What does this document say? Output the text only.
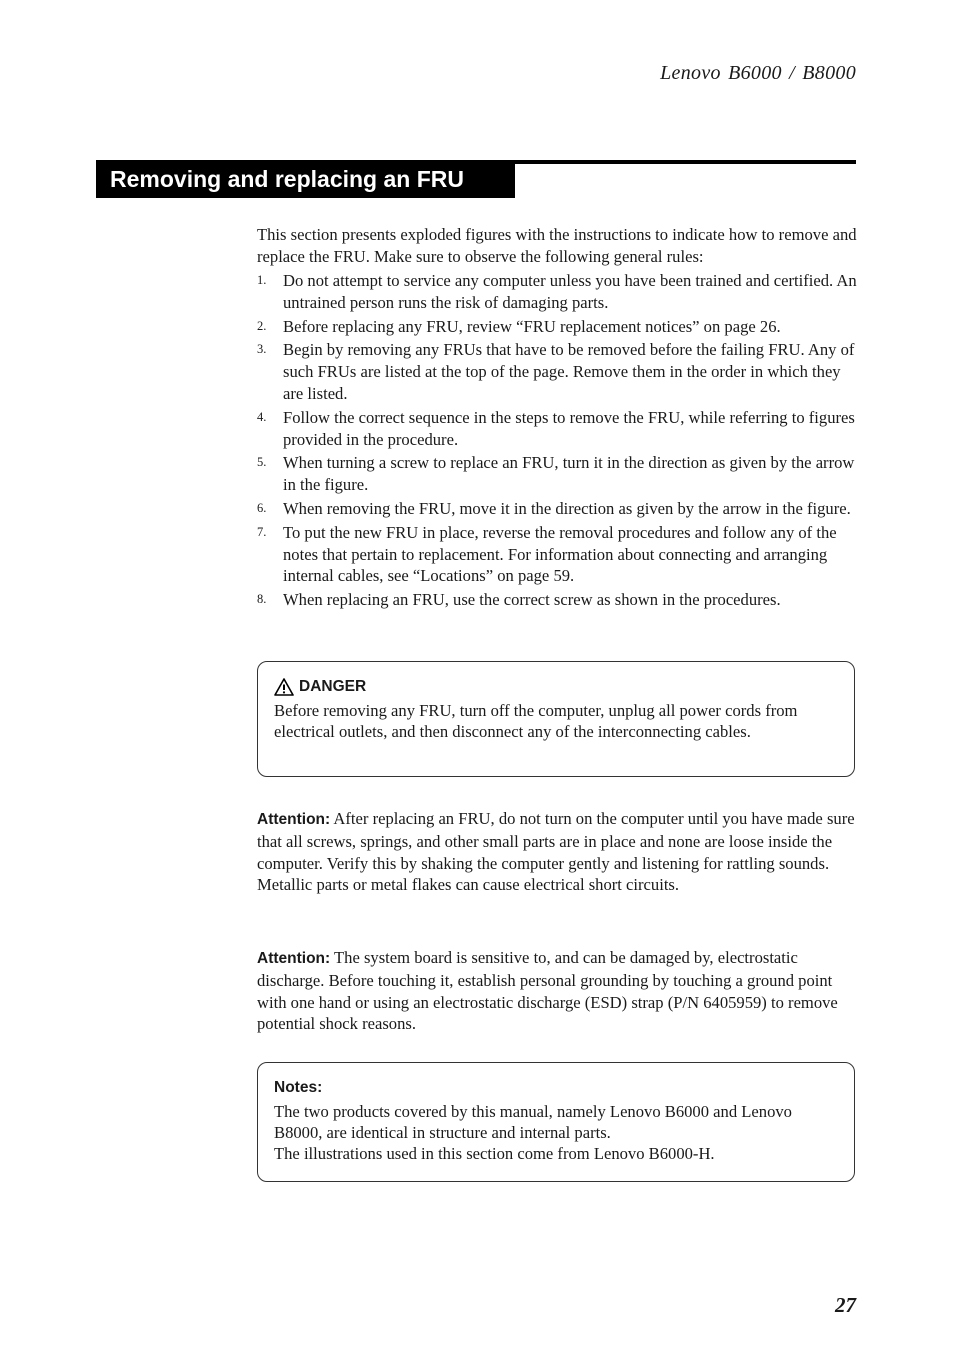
Lenovo B6000 / B8000
Removing and replacing an FRU

This section presents exploded figures with the instructions to indicate how to remove and replace the FRU. Make sure to observe the following general rules:

1. Do not attempt to service any computer unless you have been trained and certified. An untrained person runs the risk of damaging parts.
2. Before replacing any FRU, review “FRU replacement notices” on page 26.
3. Begin by removing any FRUs that have to be removed before the failing FRU. Any of such FRUs are listed at the top of the page. Remove them in the order in which they are listed.
4. Follow the correct sequence in the steps to remove the FRU, while referring to figures provided in the procedure.
5. When turning a screw to replace an FRU, turn it in the direction as given by the arrow in the figure.
6. When removing the FRU, move it in the direction as given by the arrow in the figure.
7. To put the new FRU in place, reverse the removal procedures and follow any of the notes that pertain to replacement. For information about connecting and arranging internal cables, see “Locations” on page 59.
8. When replacing an FRU, use the correct screw as shown in the procedures.
DANGER

Before removing any FRU, turn off the computer, unplug all power cords from electrical outlets, and then disconnect any of the interconnecting cables.

Attention: After replacing an FRU, do not turn on the computer until you have made sure that all screws, springs, and other small parts are in place and none are loose inside the computer. Verify this by shaking the computer gently and listening for rattling sounds. Metallic parts or metal flakes can cause electrical short circuits.

Attention: The system board is sensitive to, and can be damaged by, electrostatic discharge. Before touching it, establish personal grounding by touching a ground point with one hand or using an electrostatic discharge (ESD) strap (P/N 6405959) to remove potential shock reasons.

Notes:

The two products covered by this manual, namely Lenovo B6000 and Lenovo B8000, are identical in structure and internal parts.

The illustrations used in this section come from Lenovo B6000-H.

27
